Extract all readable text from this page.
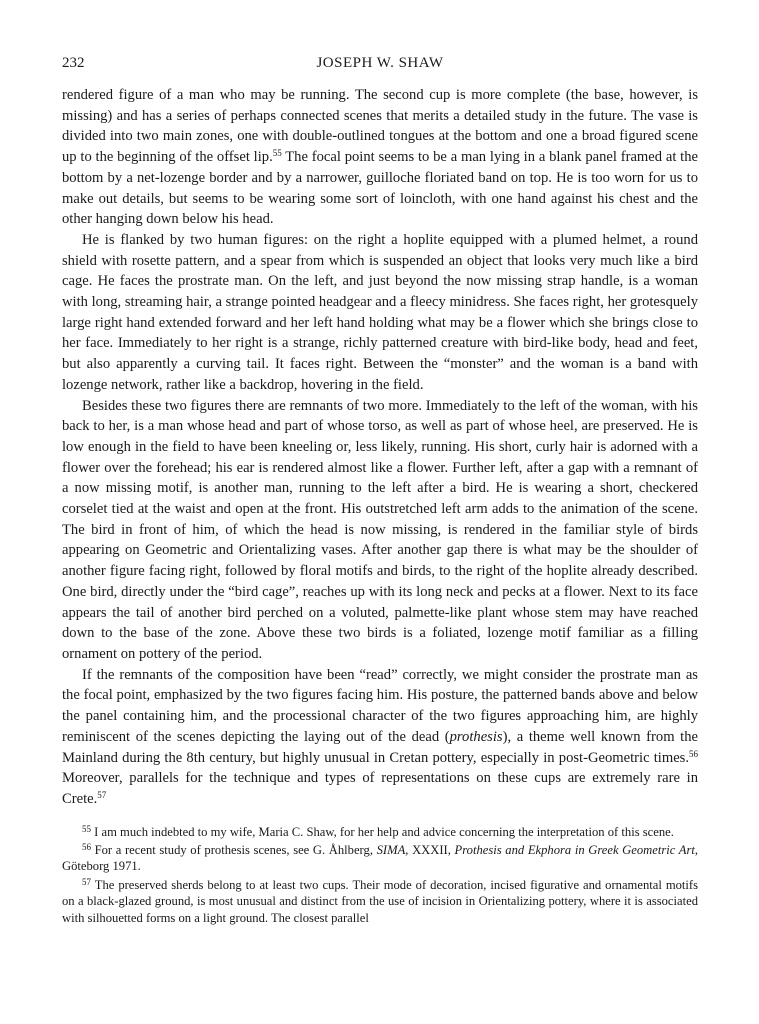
232	JOSEPH W. SHAW

rendered figure of a man who may be running. The second cup is more complete (the base, however, is missing) and has a series of perhaps connected scenes that merits a detailed study in the future. The vase is divided into two main zones, one with double-outlined tongues at the bottom and one a broad figured scene up to the beginning of the offset lip.$^{55}$ The focal point seems to be a man lying in a blank panel framed at the bottom by a net-lozenge border and by a narrower, guilloche floriated band on top. He is too worn for us to make out details, but seems to be wearing some sort of loincloth, with one hand against his chest and the other hanging down below his head.

He is flanked by two human figures: on the right a hoplite equipped with a plumed helmet, a round shield with rosette pattern, and a spear from which is suspended an object that looks very much like a bird cage. He faces the prostrate man. On the left, and just beyond the now missing strap handle, is a woman with long, streaming hair, a strange pointed headgear and a fleecy minidress. She faces right, her grotesquely large right hand extended forward and her left hand holding what may be a flower which she brings close to her face. Immediately to her right is a strange, richly patterned creature with bird-like body, head and feet, but also apparently a curving tail. It faces right. Between the “monster” and the woman is a band with lozenge network, rather like a backdrop, hovering in the field.

Besides these two figures there are remnants of two more. Immediately to the left of the woman, with his back to her, is a man whose head and part of whose torso, as well as part of whose heel, are preserved. He is low enough in the field to have been kneeling or, less likely, running. His short, curly hair is adorned with a flower over the forehead; his ear is rendered almost like a flower. Further left, after a gap with a remnant of a now missing motif, is another man, running to the left after a bird. He is wearing a short, checkered corselet tied at the waist and open at the front. His outstretched left arm adds to the animation of the scene. The bird in front of him, of which the head is now missing, is rendered in the familiar style of birds appearing on Geometric and Orientalizing vases. After another gap there is what may be the shoulder of another figure facing right, followed by floral motifs and birds, to the right of the hoplite already described. One bird, directly under the “bird cage”, reaches up with its long neck and pecks at a flower. Next to its face appears the tail of another bird perched on a voluted, palmette-like plant whose stem may have reached down to the base of the zone. Above these two birds is a foliated, lozenge motif familiar as a filling ornament on pottery of the period.

If the remnants of the composition have been “read” correctly, we might consider the prostrate man as the focal point, emphasized by the two figures facing him. His posture, the patterned bands above and below the panel containing him, and the processional character of the two figures approaching him, are highly reminiscent of the scenes depicting the laying out of the dead (prothesis), a theme well known from the Mainland during the 8th century, but highly unusual in Cretan pottery, especially in post-Geometric times.$^{56}$ Moreover, parallels for the technique and types of representations on these cups are extremely rare in Crete.$^{57}$

$^{55}$ I am much indebted to my wife, Maria C. Shaw, for her help and advice concerning the interpretation of this scene.

$^{56}$ For a recent study of prothesis scenes, see G. Åhlberg, SIMA, XXXII, Prothesis and Ekphora in Greek Geometric Art, Göteborg 1971.

$^{57}$ The preserved sherds belong to at least two cups. Their mode of decoration, incised figurative and ornamental motifs on a black-glazed ground, is most unusual and distinct from the use of incision in Orientalizing pottery, where it is associated with silhouetted forms on a light ground. The closest parallel
